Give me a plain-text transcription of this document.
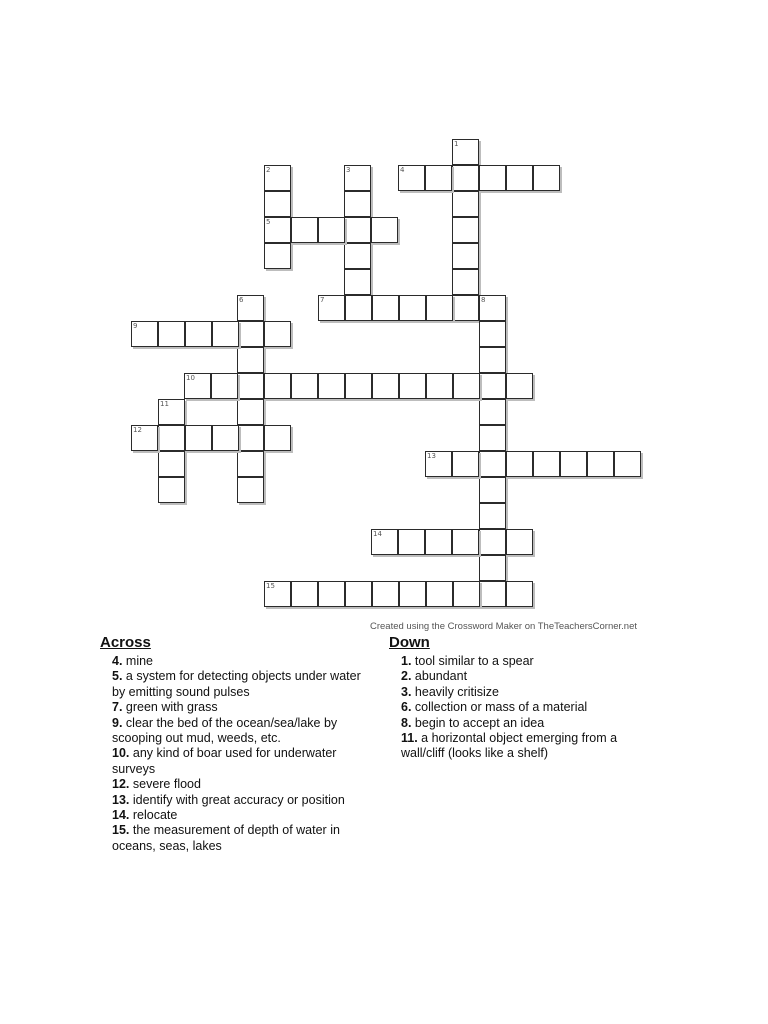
1
4
2
5
3
7	8
6
9
10
11
12
13
14
15
Created using the Crossword Maker on TheTeachersCorner.net
Across
4. mine
5. a system for detecting objects under water by emitting sound pulses
7. green with grass
9. clear the bed of the ocean/sea/lake by scooping out mud, weeds, etc.
10. any kind of boar used for underwater surveys
12. severe flood
13. identify with great accuracy or position
14. relocate
15. the measurement of depth of water in oceans, seas, lakes
Down
1. tool similar to a spear
2. abundant
3. heavily critisize
6. collection or mass of a material
8. begin to accept an idea
11. a horizontal object emerging from a wall/cliff (looks like a shelf)
